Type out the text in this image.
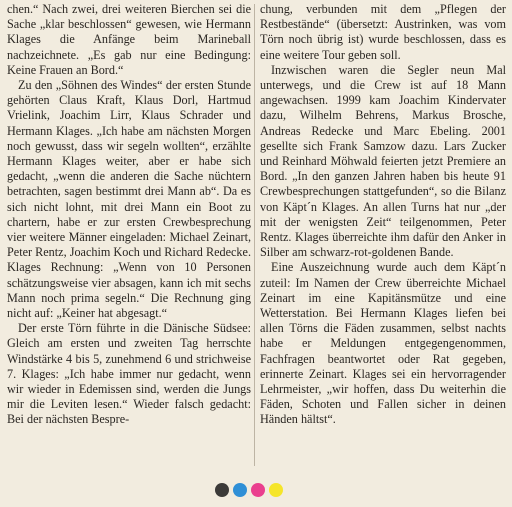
chen.“ Nach zwei, drei weiteren Bierchen sei die Sache „klar beschlossen“ gewesen, wie Hermann Klages die Anfänge beim Marineball nachzeichnete. „Es gab nur eine Bedingung: Keine Frauen an Bord.“

Zu den „Söhnen des Windes“ der ersten Stunde gehörten Claus Kraft, Klaus Dorl, Hartmud Vrielink, Joachim Lirr, Klaus Schrader und Hermann Klages. „Ich habe am nächsten Morgen noch gewusst, dass wir segeln wollten“, erzählte Hermann Klages weiter, aber er habe sich gedacht, „wenn die anderen die Sache nüchtern betrachten, sagen bestimmt drei Mann ab“. Da es sich nicht lohnt, mit drei Mann ein Boot zu chartern, habe er zur ersten Crewbesprechung vier weitere Männer eingeladen: Michael Zeinart, Peter Rentz, Joachim Koch und Richard Redecke. Klages Rechnung: „Wenn von 10 Personen schätzungsweise vier absagen, kann ich mit sechs Mann noch prima segeln.“ Die Rechnung ging nicht auf: „Keiner hat abgesagt.“

Der erste Törn führte in die Dänische Südsee: Gleich am ersten und zweiten Tag herrschte Windstärke 4 bis 5, zunehmend 6 und strichweise 7. Klages: „Ich habe immer nur gedacht, wenn wir wieder in Edemissen sind, werden die Jungs mir die Leviten lesen.“ Wieder falsch gedacht: Bei der nächsten Bespre-

chung, verbunden mit dem „Pflegen der Restbestände“ (übersetzt: Austrinken, was vom Törn noch übrig ist) wurde beschlossen, dass es eine weitere Tour geben soll.

Inzwischen waren die Segler neun Mal unterwegs, und die Crew ist auf 18 Mann angewachsen. 1999 kam Joachim Kindervater dazu, Wilhelm Behrens, Markus Brosche, Andreas Redecke und Marc Ebeling. 2001 gesellte sich Frank Samzow dazu. Lars Zucker und Reinhard Möhwald feierten jetzt Premiere an Bord. „In den ganzen Jahren haben bis heute 91 Crewbesprechungen stattgefunden“, so die Bilanz von Käpt´n Klages. An allen Turns hat nur „der mit der wenigsten Zeit“ teilgenommen, Peter Rentz. Klages überreichte ihm dafür den Anker in Silber am schwarz-rot-goldenen Bande.

Eine Auszeichnung wurde auch dem Käpt´n zuteil: Im Namen der Crew überreichte Michael Zeinart im eine Kapitänsmütze und eine Wetterstation. Bei Hermann Klages liefen bei allen Törns die Fäden zusammen, selbst nachts habe er Meldungen entgegengenommen, Fachfragen beantwortet oder Rat gegeben, erinnerte Zeinart. Klages sei ein hervorragender Lehrmeister, „wir hoffen, dass Du weiterhin die Fäden, Schoten und Fallen sicher in deinen Händen hältst“.
